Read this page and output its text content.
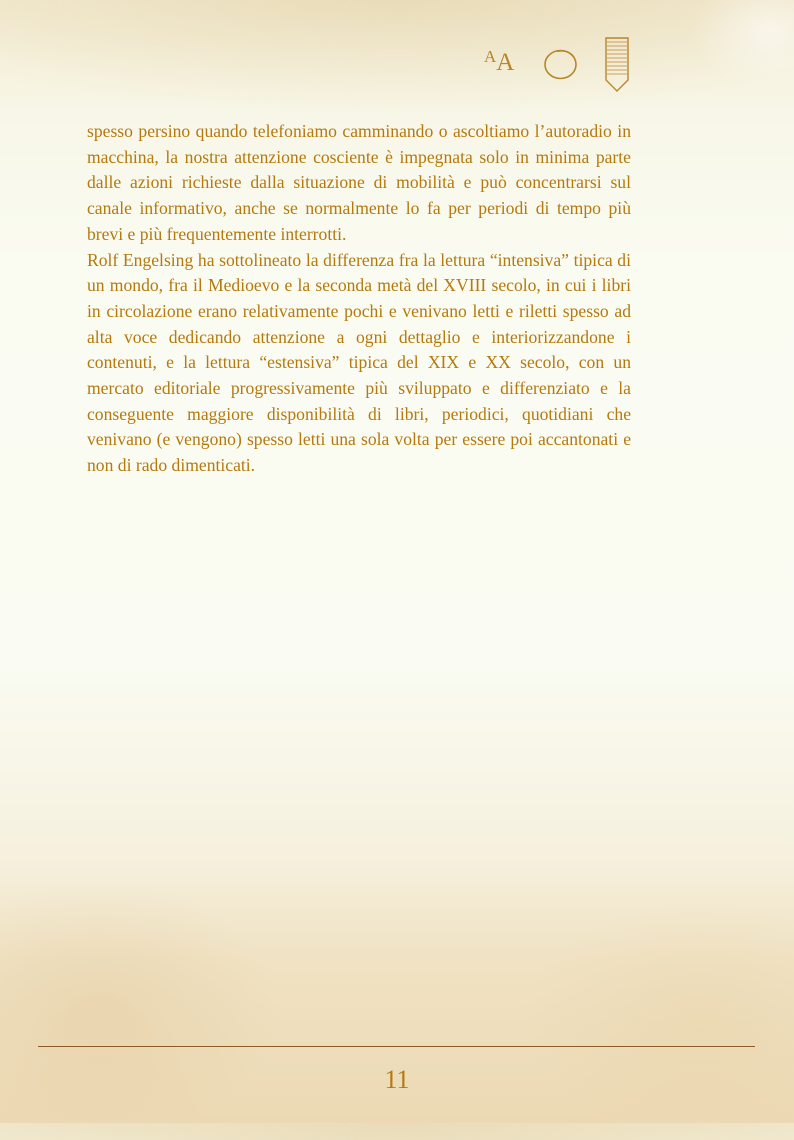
AA

spesso persino quando telefoniamo camminando o ascoltiamo l’autoradio in macchina, la nostra attenzione cosciente è impegnata solo in minima parte dalle azioni richieste dalla situazione di mobilità e può concentrarsi sul canale informativo, anche se normalmente lo fa per periodi di tempo più brevi e più frequentemente interrotti.

Rolf Engelsing ha sottolineato la differenza fra la lettura “intensiva” tipica di un mondo, fra il Medioevo e la seconda metà del XVIII secolo, in cui i libri in circolazione erano relativamente pochi e venivano letti e riletti spesso ad alta voce dedicando attenzione a ogni dettaglio e interiorizzandone i contenuti, e la lettura “estensiva” tipica del XIX e XX secolo, con un mercato editoriale progressivamente più sviluppato e differenziato e la conseguente maggiore disponibilità di libri, periodici, quotidiani che venivano (e vengono) spesso letti una sola volta per essere poi accantonati e non di rado dimenticati.

11
